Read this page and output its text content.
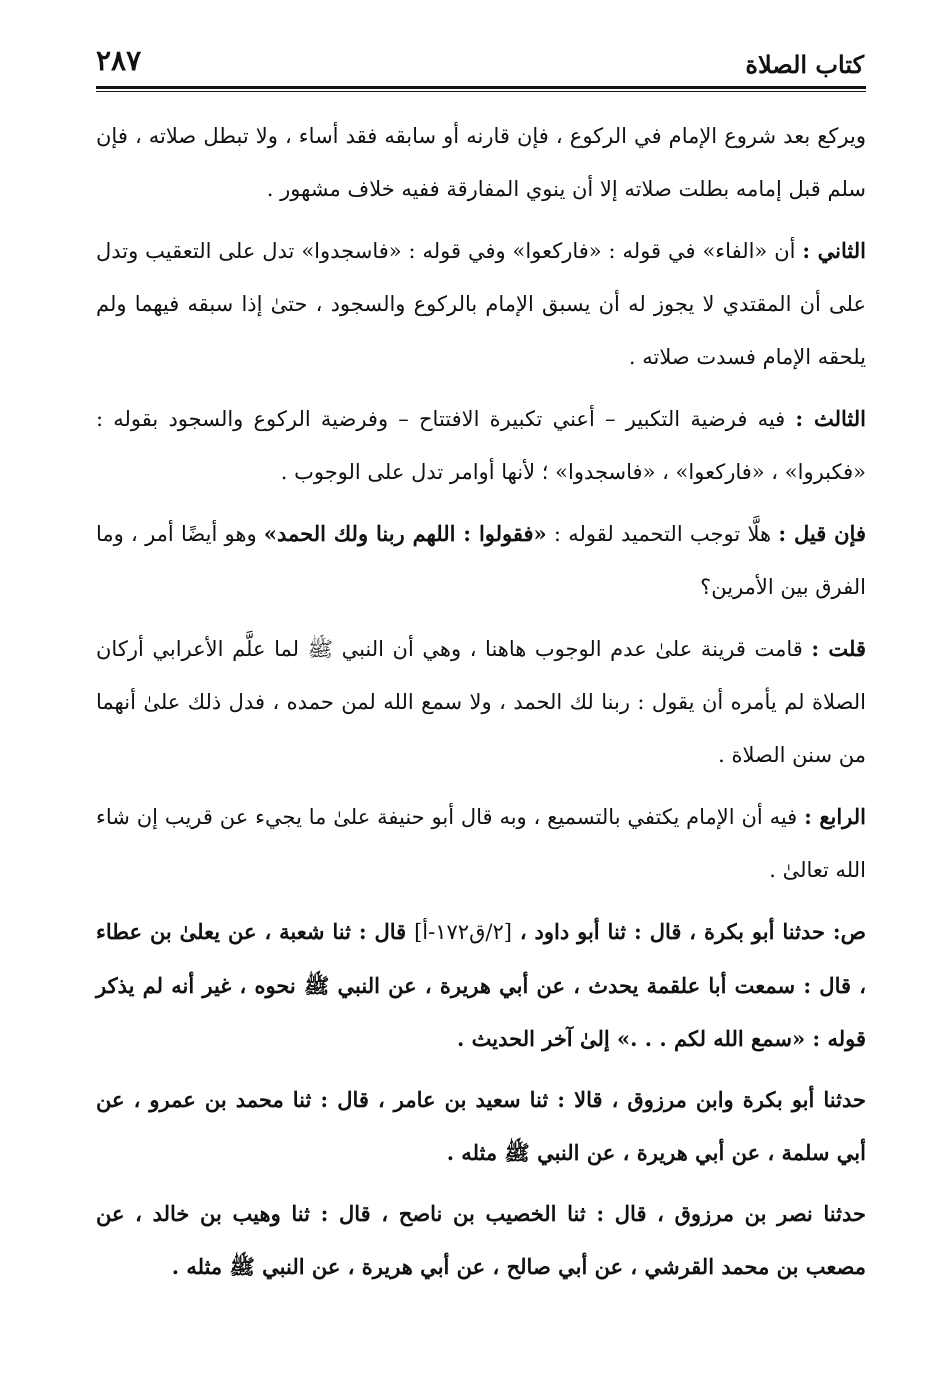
كتاب الصلاة
٢٨٧

ويركع بعد شروع الإمام في الركوع ، فإن قارنه أو سابقه فقد أساء ، ولا تبطل صلاته ، فإن سلم قبل إمامه بطلت صلاته إلا أن ينوي المفارقة ففيه خلاف مشهور .

الثاني : أن «الفاء» في قوله : «فاركعوا» وفي قوله : «فاسجدوا» تدل على التعقيب وتدل على أن المقتدي لا يجوز له أن يسبق الإمام بالركوع والسجود ، حتىٰ إذا سبقه فيهما ولم يلحقه الإمام فسدت صلاته .

الثالث : فيه فرضية التكبير – أعني تكبيرة الافتتاح – وفرضية الركوع والسجود بقوله : «فكبروا» ، «فاركعوا» ، «فاسجدوا» ؛ لأنها أوامر تدل على الوجوب .

فإن قيل : هلَّا توجب التحميد لقوله : «فقولوا : اللهم ربنا ولك الحمد» وهو أيضًا أمر ، وما الفرق بين الأمرين؟

قلت : قامت قرينة علىٰ عدم الوجوب هاهنا ، وهي أن النبي ﷺ لما علَّم الأعرابي أركان الصلاة لم يأمره أن يقول : ربنا لك الحمد ، ولا سمع الله لمن حمده ، فدل ذلك علىٰ أنهما من سنن الصلاة .

الرابع : فيه أن الإمام يكتفي بالتسميع ، وبه قال أبو حنيفة علىٰ ما يجيء عن قريب إن شاء الله تعالىٰ .

ص: حدثنا أبو بكرة ، قال : ثنا أبو داود ، [٢/ق١٧٢-أ] قال : ثنا شعبة ، عن يعلىٰ بن عطاء ، قال : سمعت أبا علقمة يحدث ، عن أبي هريرة ، عن النبي ﷺ نحوه ، غير أنه لم يذكر قوله : «سمع الله لكم . . .» إلىٰ آخر الحديث .

حدثنا أبو بكرة وابن مرزوق ، قالا : ثنا سعيد بن عامر ، قال : ثنا محمد بن عمرو ، عن أبي سلمة ، عن أبي هريرة ، عن النبي ﷺ مثله .

حدثنا نصر بن مرزوق ، قال : ثنا الخصيب بن ناصح ، قال : ثنا وهيب بن خالد ، عن مصعب بن محمد القرشي ، عن أبي صالح ، عن أبي هريرة ، عن النبي ﷺ مثله .
